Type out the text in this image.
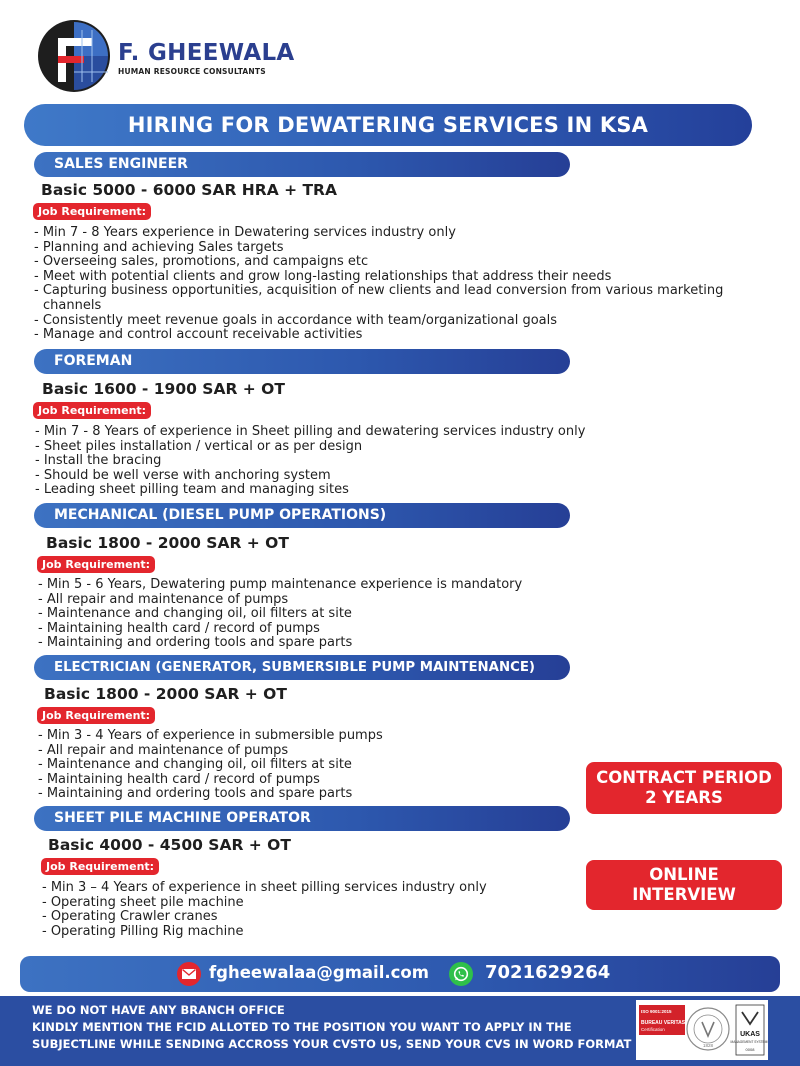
F. GHEEWALA
HUMAN RESOURCE CONSULTANTS
HIRING FOR DEWATERING SERVICES IN KSA
SALES ENGINEER
Basic 5000 - 6000 SAR HRA + TRA
Job Requirement:
- Min 7 - 8 Years experience in Dewatering services industry only
- Planning and achieving Sales targets
- Overseeing sales, promotions, and campaigns etc
- Meet with potential clients and grow long-lasting relationships that address their needs
- Capturing business opportunities, acquisition of new clients and lead conversion from various marketing channels
- Consistently meet revenue goals in accordance with team/organizational goals
- Manage and control account receivable activities
FOREMAN
Basic 1600 - 1900 SAR + OT
Job Requirement:
- Min 7 - 8 Years of experience in Sheet pilling and dewatering services industry only
- Sheet piles installation / vertical or as per design
- Install the bracing
- Should be well verse with anchoring system
- Leading sheet pilling team and managing sites
MECHANICAL (DIESEL PUMP OPERATIONS)
Basic 1800 - 2000 SAR + OT
Job Requirement:
- Min 5 - 6 Years, Dewatering pump maintenance experience is mandatory
- All repair and maintenance of pumps
- Maintenance and changing oil, oil filters at site
- Maintaining health card / record of pumps
- Maintaining and ordering tools and spare parts
ELECTRICIAN (GENERATOR, SUBMERSIBLE PUMP MAINTENANCE)
Basic 1800 - 2000 SAR + OT
Job Requirement:
- Min 3 - 4 Years of experience in submersible pumps
- All repair and maintenance of pumps
- Maintenance and changing oil, oil filters at site
- Maintaining health card / record of pumps
- Maintaining and ordering tools and spare parts
SHEET PILE MACHINE OPERATOR
Basic 4000 - 4500 SAR + OT
Job Requirement:
- Min 3 – 4 Years of experience in sheet pilling services industry only
- Operating sheet pile machine
- Operating Crawler cranes
- Operating Pilling Rig machine
CONTRACT PERIOD
2 YEARS
ONLINE
INTERVIEW
fgheewalaa@gmail.com	7021629264
WE DO NOT HAVE ANY BRANCH OFFICE
KINDLY MENTION THE FCID ALLOTED TO THE POSITION YOU WANT TO APPLY IN THE
SUBJECTLINE WHILE SENDING ACCROSS YOUR CVSTO US, SEND YOUR CVS IN WORD FORMAT
ISO 9001:2015
BUREAU VERITAS
Certification
1828
UKAS
MANAGEMENT SYSTEMS
0008
